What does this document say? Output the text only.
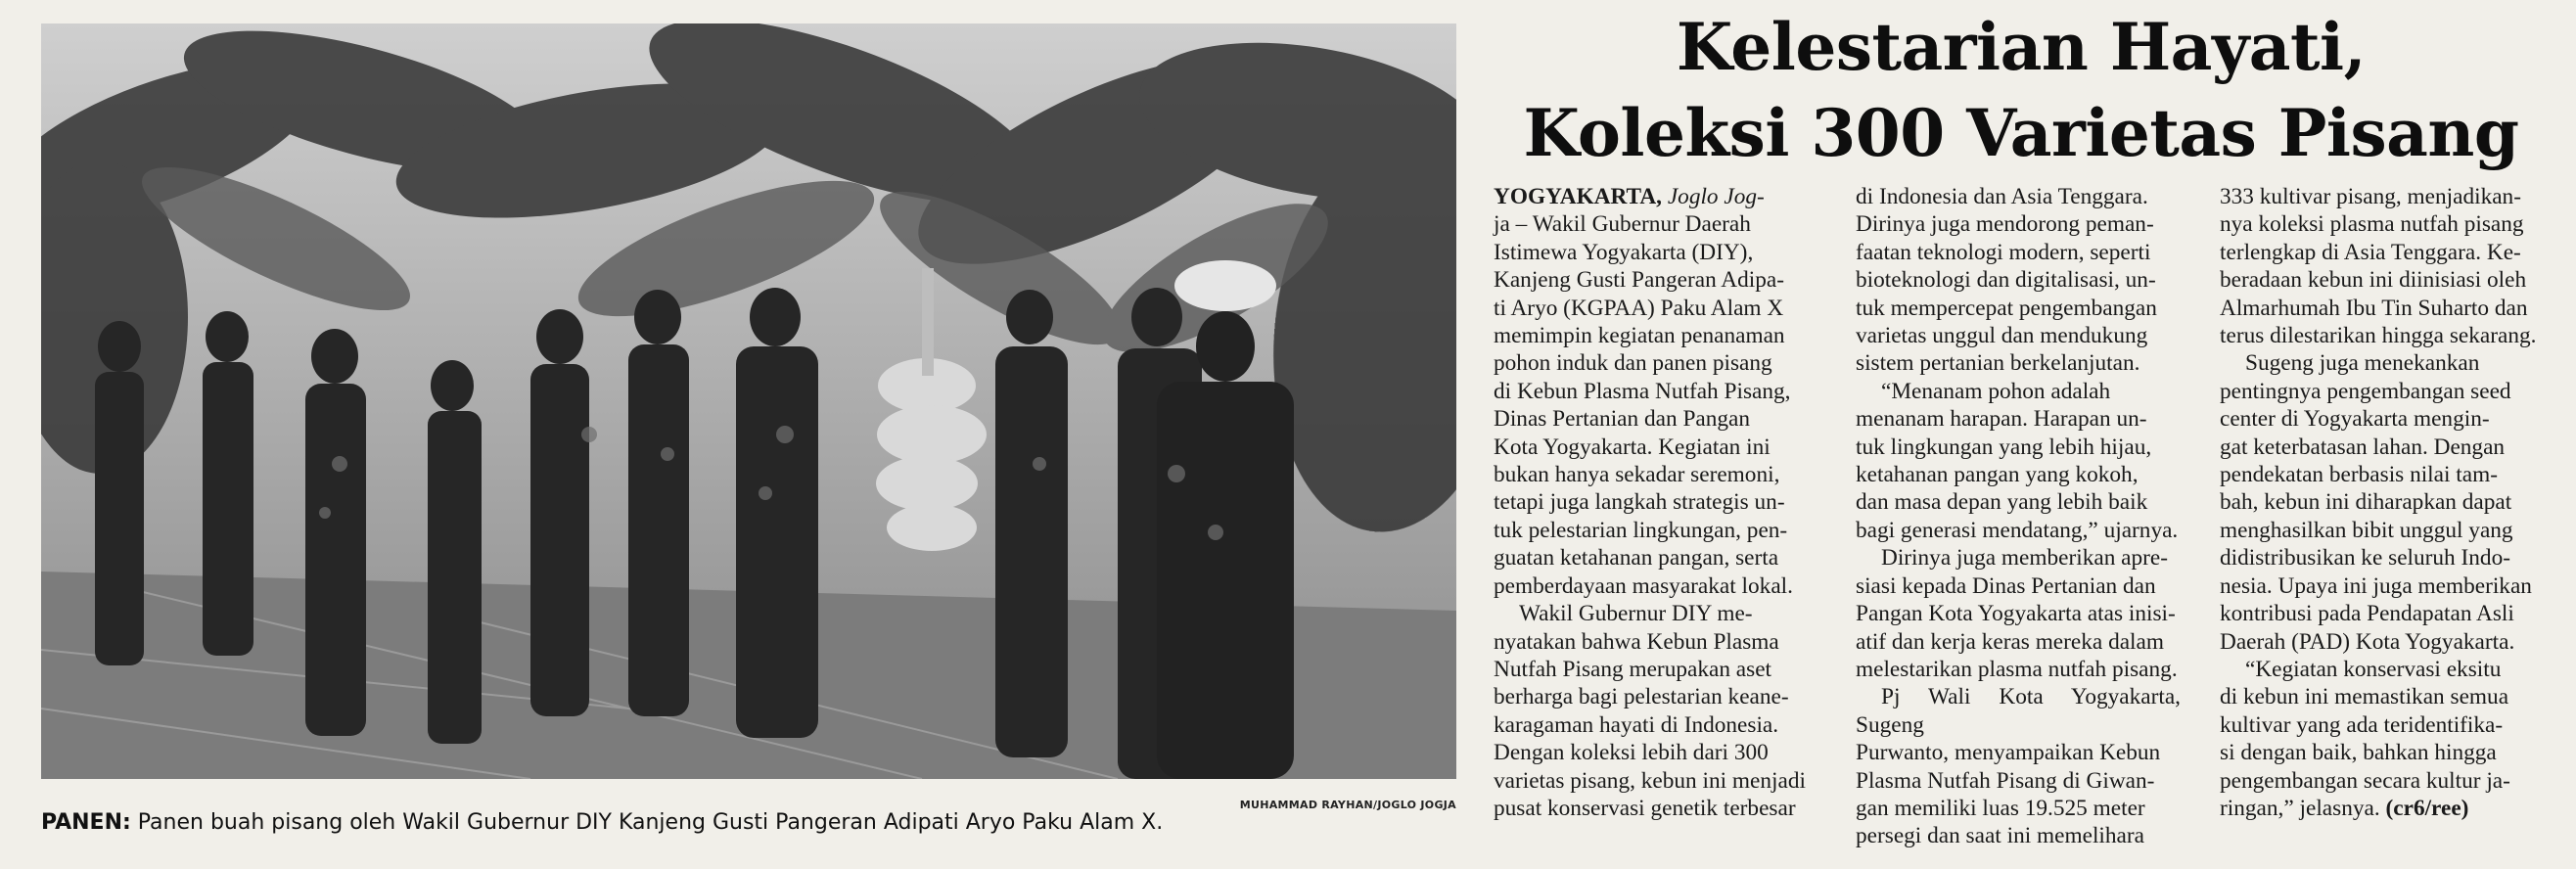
MUHAMMAD RAYHAN/JOGLO JOGJA
PANEN: Panen buah pisang oleh Wakil Gubernur DIY Kanjeng Gusti Pangeran Adipati Aryo Paku Alam X.
Kelestarian Hayati,
Koleksi 300 Varietas Pisang
YOGYAKARTA, Joglo Jog-
ja – Wakil Gubernur Daerah
Istimewa Yogyakarta (DIY),
Kanjeng Gusti Pangeran Adipa-
ti Aryo (KGPAA) Paku Alam X
memimpin kegiatan penanaman
pohon induk dan panen pisang
di Kebun Plasma Nutfah Pisang,
Dinas Pertanian dan Pangan
Kota Yogyakarta. Kegiatan ini
bukan hanya sekadar seremoni,
tetapi juga langkah strategis un-
tuk pelestarian lingkungan, pen-
guatan ketahanan pangan, serta
pemberdayaan masyarakat lokal.
Wakil Gubernur DIY me-
nyatakan bahwa Kebun Plasma
Nutfah Pisang merupakan aset
berharga bagi pelestarian keane-
karagaman hayati di Indonesia.
Dengan koleksi lebih dari 300
varietas pisang, kebun ini menjadi
pusat konservasi genetik terbesar
di Indonesia dan Asia Tenggara.
Dirinya juga mendorong peman-
faatan teknologi modern, seperti
bioteknologi dan digitalisasi, un-
tuk mempercepat pengembangan
varietas unggul dan mendukung
sistem pertanian berkelanjutan.
“Menanam pohon adalah
menanam harapan. Harapan un-
tuk lingkungan yang lebih hijau,
ketahanan pangan yang kokoh,
dan masa depan yang lebih baik
bagi generasi mendatang,” ujarnya.
Dirinya juga memberikan apre-
siasi kepada Dinas Pertanian dan
Pangan Kota Yogyakarta atas inisi-
atif dan kerja keras mereka dalam
melestarikan plasma nutfah pisang.
Pj Wali Kota Yogyakarta, Sugeng
Purwanto, menyampaikan Kebun
Plasma Nutfah Pisang di Giwan-
gan memiliki luas 19.525 meter
persegi dan saat ini memelihara
333 kultivar pisang, menjadikan-
nya koleksi plasma nutfah pisang
terlengkap di Asia Tenggara. Ke-
beradaan kebun ini diinisiasi oleh
Almarhumah Ibu Tin Suharto dan
terus dilestarikan hingga sekarang.
Sugeng juga menekankan
pentingnya pengembangan seed
center di Yogyakarta mengin-
gat keterbatasan lahan. Dengan
pendekatan berbasis nilai tam-
bah, kebun ini diharapkan dapat
menghasilkan bibit unggul yang
didistribusikan ke seluruh Indo-
nesia. Upaya ini juga memberikan
kontribusi pada Pendapatan Asli
Daerah (PAD) Kota Yogyakarta.
“Kegiatan konservasi eksitu
di kebun ini memastikan semua
kultivar yang ada teridentifika-
si dengan baik, bahkan hingga
pengembangan secara kultur ja-
ringan,” jelasnya. (cr6/ree)
